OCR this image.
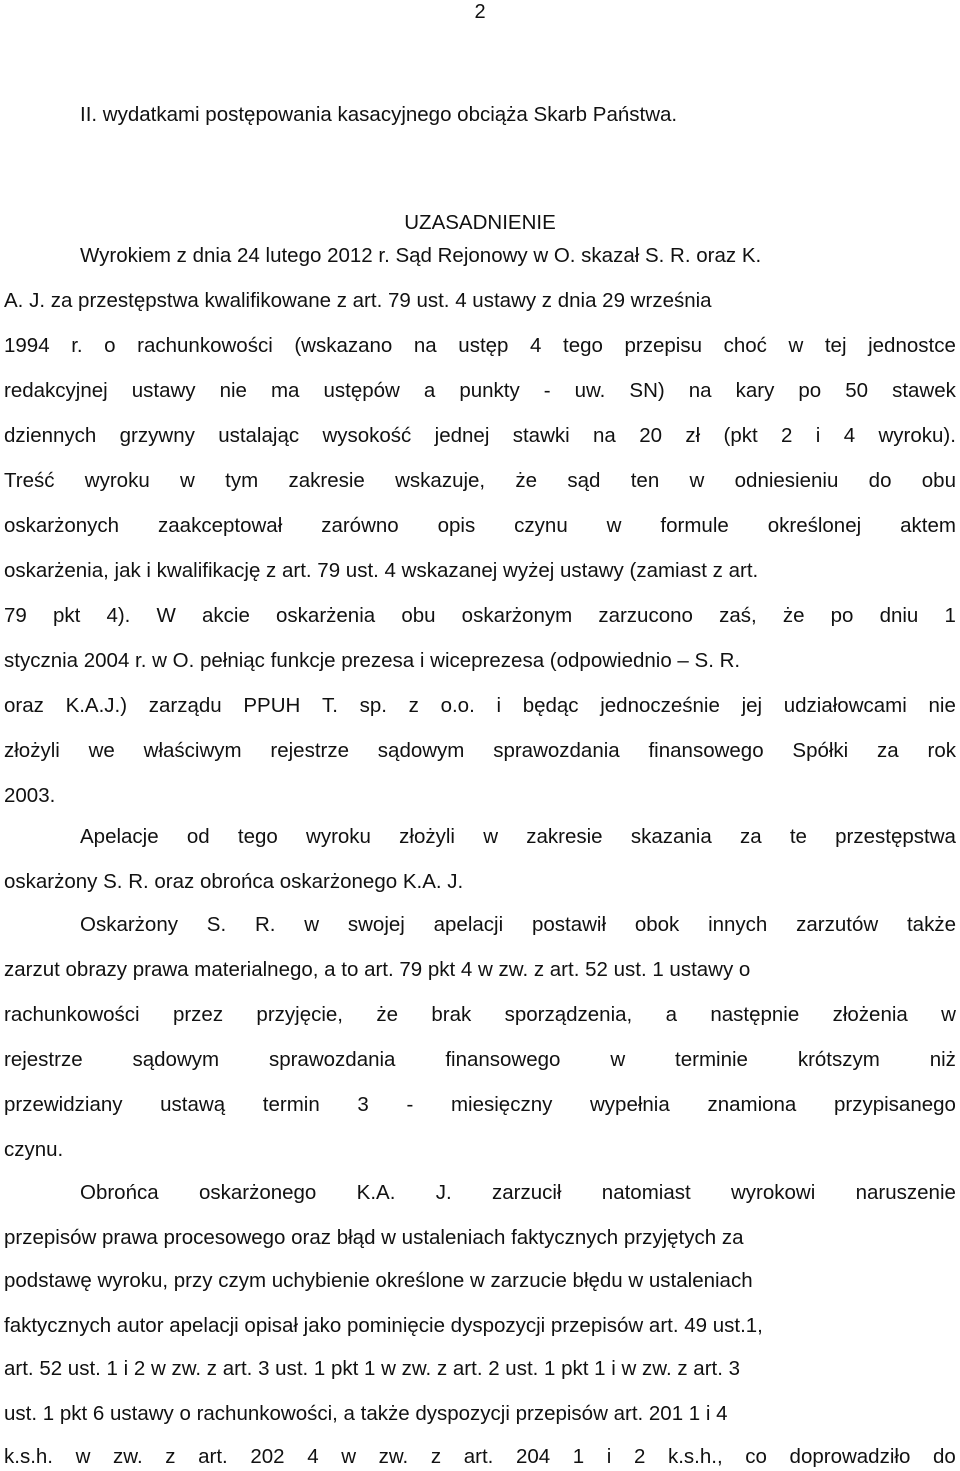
2
II. wydatkami postępowania kasacyjnego obciąża Skarb Państwa.
UZASADNIENIE
Wyrokiem z dnia 24 lutego 2012 r. Sąd Rejonowy w O. skazał S. R. oraz K.
A. J. za przestępstwa kwalifikowane z art. 79 ust. 4 ustawy z dnia 29 września
1994 r. o rachunkowości (wskazano na ustęp 4 tego przepisu choć w tej jednostce
redakcyjnej ustawy nie ma ustępów a punkty - uw. SN) na kary po 50 stawek
dziennych grzywny ustalając wysokość jednej stawki na 20 zł (pkt 2 i 4 wyroku).
Treść wyroku w tym zakresie wskazuje, że sąd ten w odniesieniu do obu
oskarżonych zaakceptował zarówno opis czynu w formule określonej aktem
oskarżenia, jak i kwalifikację z art. 79 ust. 4 wskazanej wyżej ustawy (zamiast z art.
79 pkt 4). W akcie oskarżenia obu oskarżonym zarzucono zaś, że po dniu 1
stycznia 2004 r. w O. pełniąc funkcje prezesa i wiceprezesa (odpowiednio – S. R.
oraz K.A.J.) zarządu PPUH T. sp. z o.o. i będąc jednocześnie jej udziałowcami nie
złożyli we właściwym rejestrze sądowym sprawozdania finansowego Spółki za rok
2003.
Apelacje od tego wyroku złożyli w zakresie skazania za te przestępstwa
oskarżony S. R. oraz obrońca oskarżonego K.A. J.
Oskarżony S. R. w swojej apelacji postawił obok innych zarzutów także
zarzut obrazy prawa materialnego, a to art. 79 pkt 4 w zw. z art. 52 ust. 1 ustawy o
rachunkowości przez przyjęcie, że brak sporządzenia, a następnie złożenia w
rejestrze sądowym sprawozdania finansowego w terminie krótszym niż
przewidziany ustawą termin 3 - miesięczny wypełnia znamiona przypisanego
czynu.
Obrońca oskarżonego K.A. J. zarzucił natomiast wyrokowi naruszenie
przepisów prawa procesowego oraz błąd w ustaleniach faktycznych przyjętych za
podstawę wyroku, przy czym uchybienie określone w zarzucie błędu w ustaleniach
faktycznych autor apelacji opisał jako pominięcie dyspozycji przepisów art. 49 ust.1,
art. 52 ust. 1 i 2 w zw. z art. 3 ust. 1 pkt 1 w zw. z art. 2 ust. 1 pkt 1 i w zw. z art. 3
ust. 1 pkt 6 ustawy o rachunkowości, a także dyspozycji przepisów art. 201 1 i 4
k.s.h. w zw. z art. 202 4 w zw. z art. 204 1 i 2 k.s.h., co doprowadziło do
